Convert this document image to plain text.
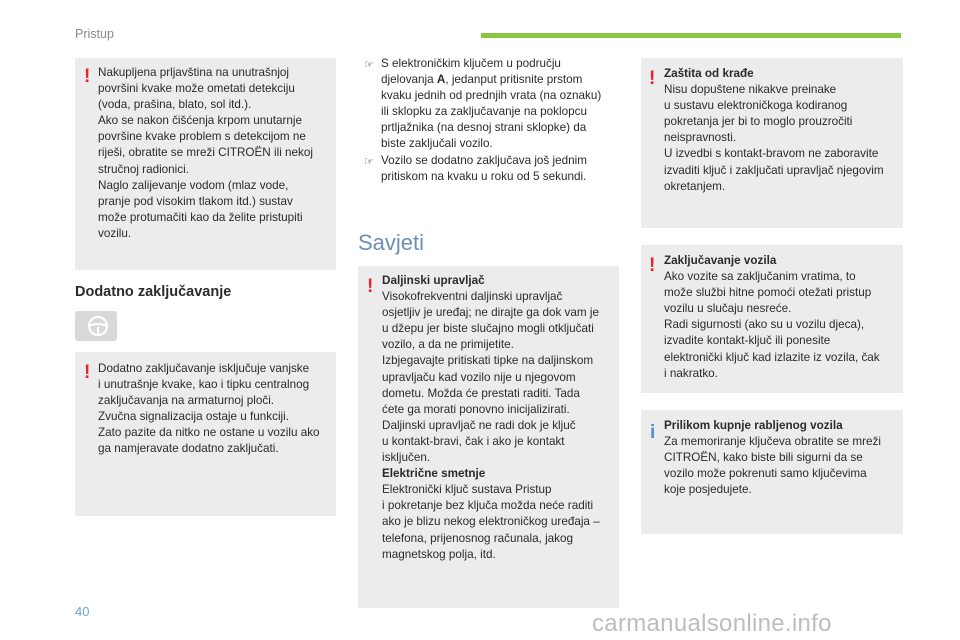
Pristup
! Nakupljena prljavština na unutrašnjoj
površini kvake može ometati detekciju
(voda, prašina, blato, sol itd.).
Ako se nakon čišćenja krpom unutarnje
površine kvake problem s detekcijom ne
riješi, obratite se mreži CITROËN ili nekoj
stručnoj radionici.
Naglo zalijevanje vodom (mlaz vode,
pranje pod visokim tlakom itd.) sustav
može protumačiti kao da želite pristupiti
vozilu.
Dodatno zaključavanje
! Dodatno zaključavanje isključuje vanjske
i unutrašnje kvake, kao i tipku centralnog
zaključavanja na armaturnoj ploči.
Zvučna signalizacija ostaje u funkciji.
Zato pazite da nitko ne ostane u vozilu ako
ga namjeravate dodatno zaključati.
☞ S elektroničkim ključem u području
djelovanja A, jedanput pritisnite prstom
kvaku jednih od prednjih vrata (na oznaku)
ili sklopku za zaključavanje na poklopcu
prtljažnika (na desnoj strani sklopke) da
biste zaključali vozilo.
☞ Vozilo se dodatno zaključava još jednim
pritiskom na kvaku u roku od 5 sekundi.
Savjeti
! Daljinski upravljač
Visokofrekventni daljinski upravljač
osjetljiv je uređaj; ne dirajte ga dok vam je
u džepu jer biste slučajno mogli otključati
vozilo, a da ne primijetite.
Izbjegavajte pritiskati tipke na daljinskom
upravljaču kad vozilo nije u njegovom
dometu. Možda će prestati raditi. Tada
ćete ga morati ponovno inicijalizirati.
Daljinski upravljač ne radi dok je ključ
u kontakt-bravi, čak i ako je kontakt
isključen.
Električne smetnje
Elektronički ključ sustava Pristup
i pokretanje bez ključa možda neće raditi
ako je blizu nekog elektroničkog uređaja –
telefona, prijenosnog računala, jakog
magnetskog polja, itd.
! Zaštita od krađe
Nisu dopuštene nikakve preinake
u sustavu elektroničkoga kodiranog
pokretanja jer bi to moglo prouzročiti
neispravnosti.
U izvedbi s kontakt-bravom ne zaboravite
izvaditi ključ i zaključati upravljač njegovim
okretanjem.
! Zaključavanje vozila
Ako vozite sa zaključanim vratima, to
može službi hitne pomoći otežati pristup
vozilu u slučaju nesreće.
Radi sigurnosti (ako su u vozilu djeca),
izvadite kontakt-ključ ili ponesite
elektronički ključ kad izlazite iz vozila, čak
i nakratko.
i Prilikom kupnje rabljenog vozila
Za memoriranje ključeva obratite se mreži
CITROËN, kako biste bili sigurni da se
vozilo može pokrenuti samo ključevima
koje posjedujete.
40	carmanualsonline.info
